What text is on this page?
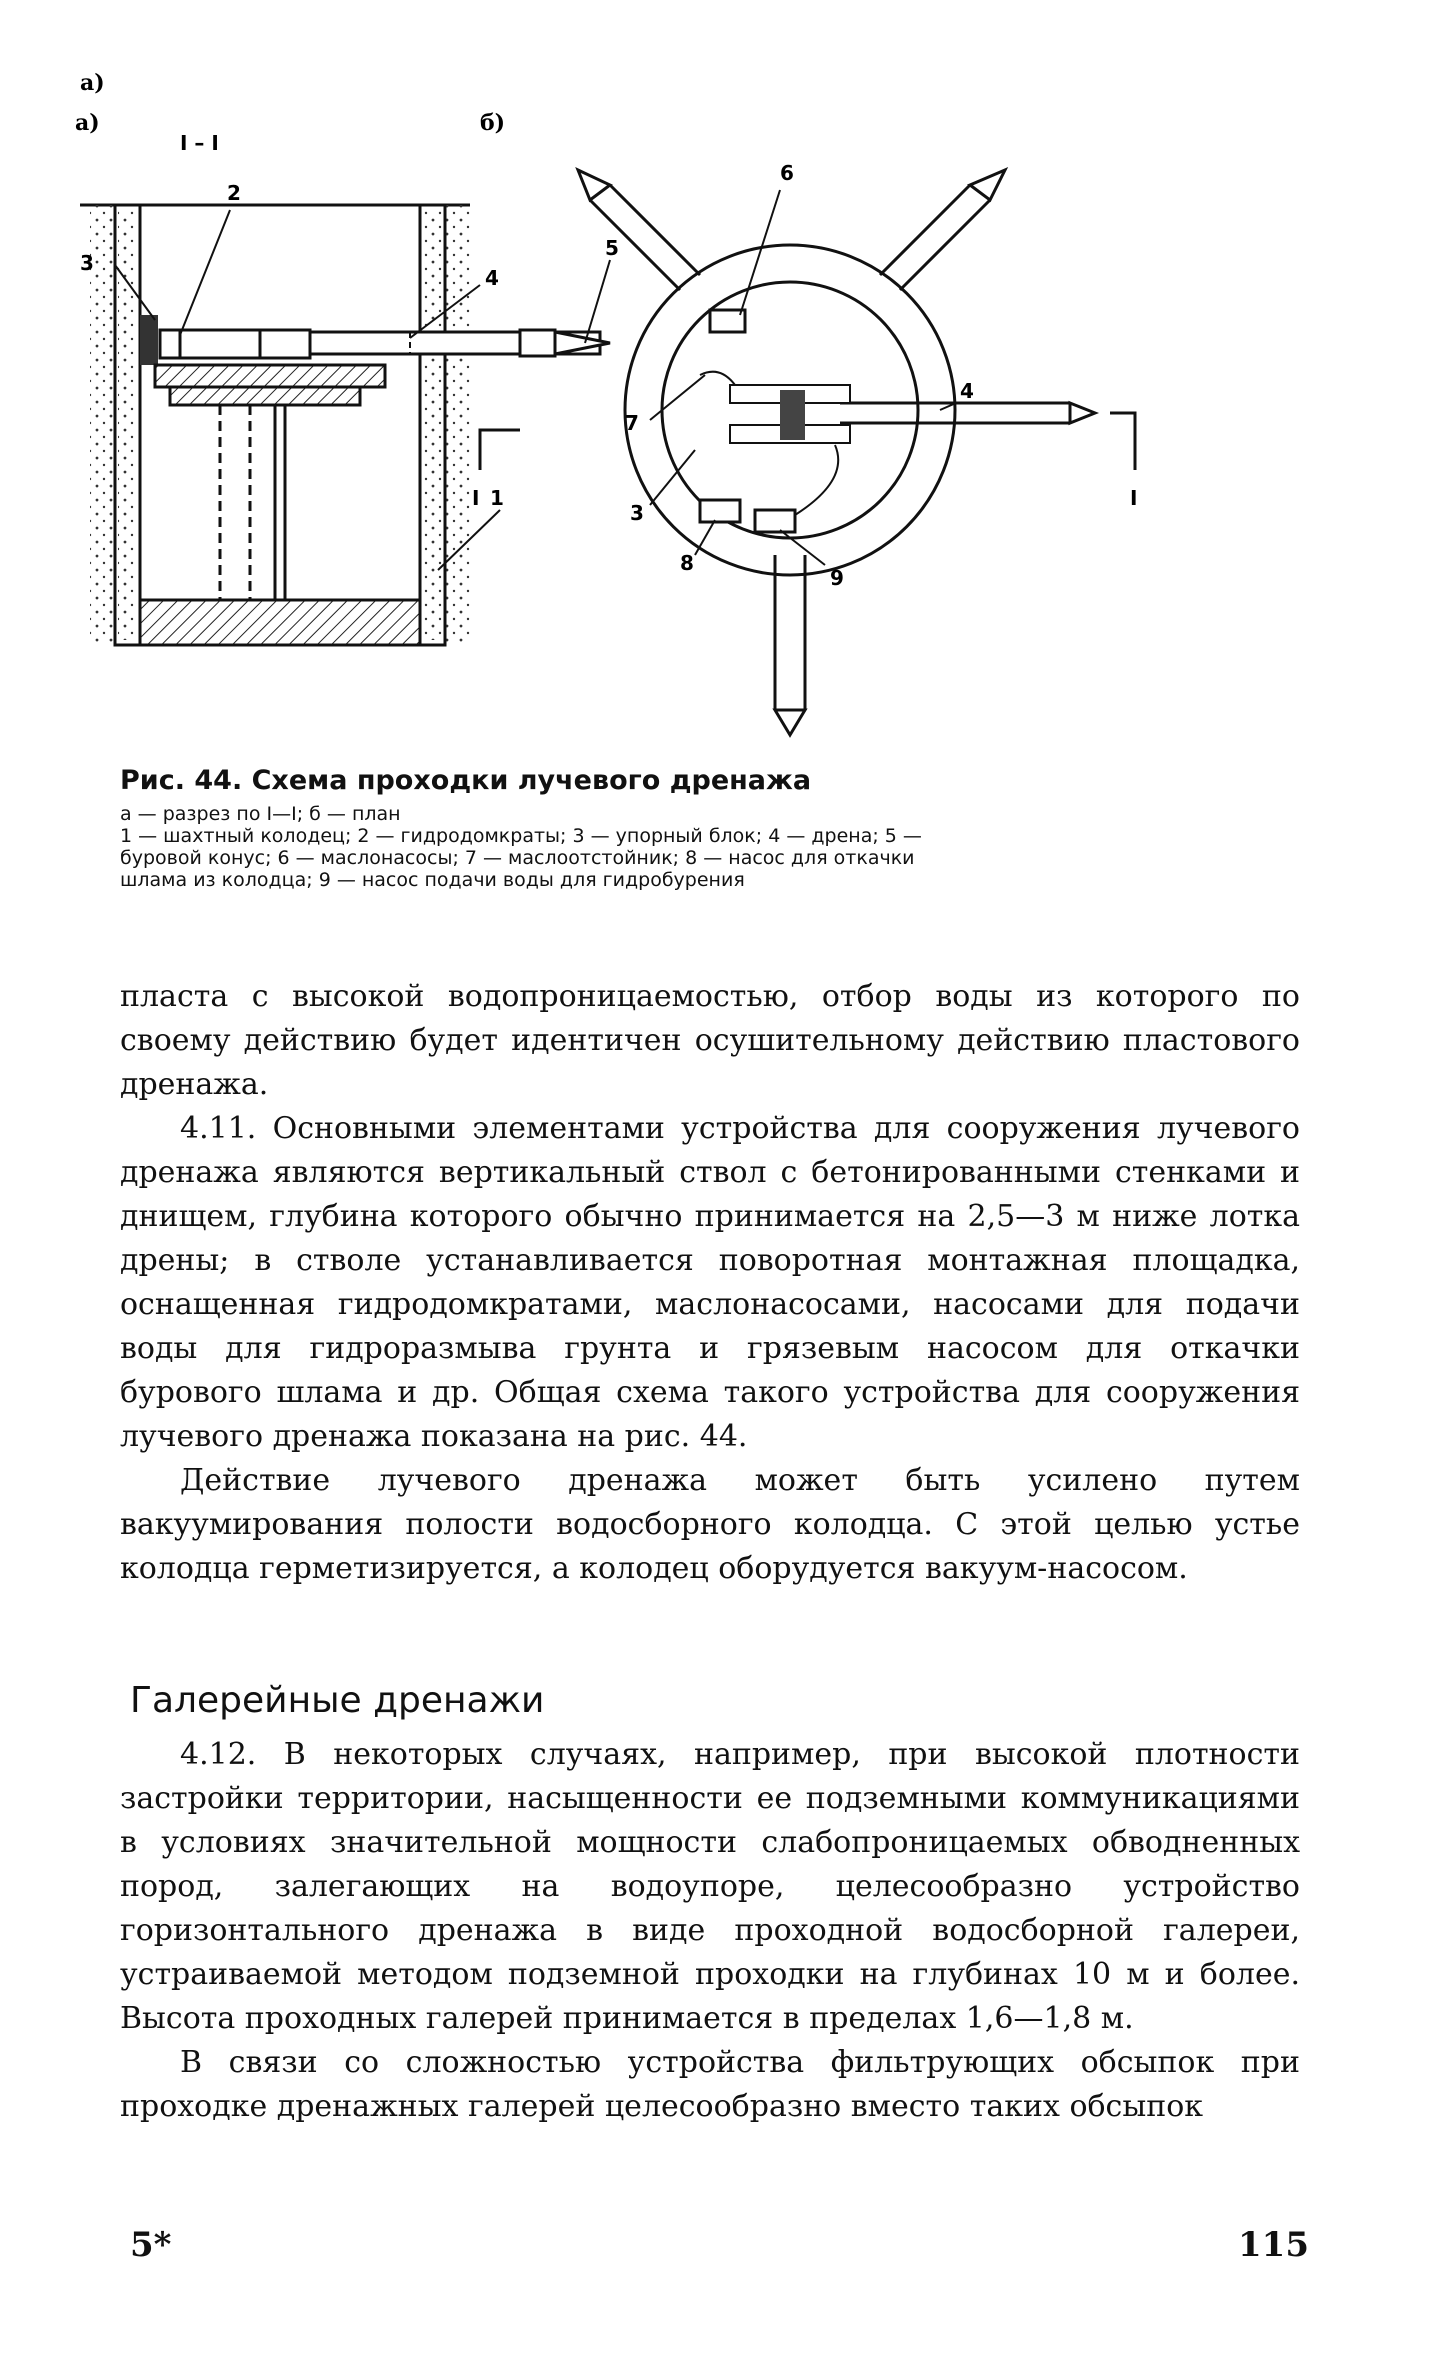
а)
а)
I – I
3
2
4
5
1
б)
I	I
6
7
3
4
8
9
Рис. 44. Схема проходки лучевого дренажа
а — разрез по I—I; б — план
1 — шахтный колодец; 2 — гидродомкраты; 3 — упорный блок; 4 — дрена; 5 —
буровой конус; 6 — маслонасосы; 7 — маслоотстойник; 8 — насос для откачки
шлама из колодца; 9 — насос подачи воды для гидробурения

пласта с высокой водопроницаемостью, отбор воды из которого по своему действию будет идентичен осушительному действию пластового дренажа.

4.11. Основными элементами устройства для сооружения лучевого дренажа являются вертикальный ствол с бетонированными стенками и днищем, глубина которого обычно принимается на 2,5—3 м ниже лотка дрены; в стволе устанавливается поворотная монтажная площадка, оснащенная гидродомкратами, маслонасосами, насосами для подачи воды для гидроразмыва грунта и грязевым насосом для откачки бурового шлама и др. Общая схема такого устройства для сооружения лучевого дренажа показана на рис. 44.

Действие лучевого дренажа может быть усилено путем вакуумирования полости водосборного колодца. С этой целью устье колодца герметизируется, а колодец оборудуется вакуум-насосом.

Галерейные дренажи

4.12. В некоторых случаях, например, при высокой плотности застройки территории, насыщенности ее подземными коммуникациями в условиях значительной мощности слабопроницаемых обводненных пород, залегающих на водоупоре, целесообразно устройство горизонтального дренажа в виде проходной водосборной галереи, устраиваемой методом подземной проходки на глубинах 10 м и более. Высота проходных галерей принимается в пределах 1,6—1,8 м.

В связи со сложностью устройства фильтрующих обсыпок при проходке дренажных галерей целесообразно вместо таких обсыпок

5*	115
